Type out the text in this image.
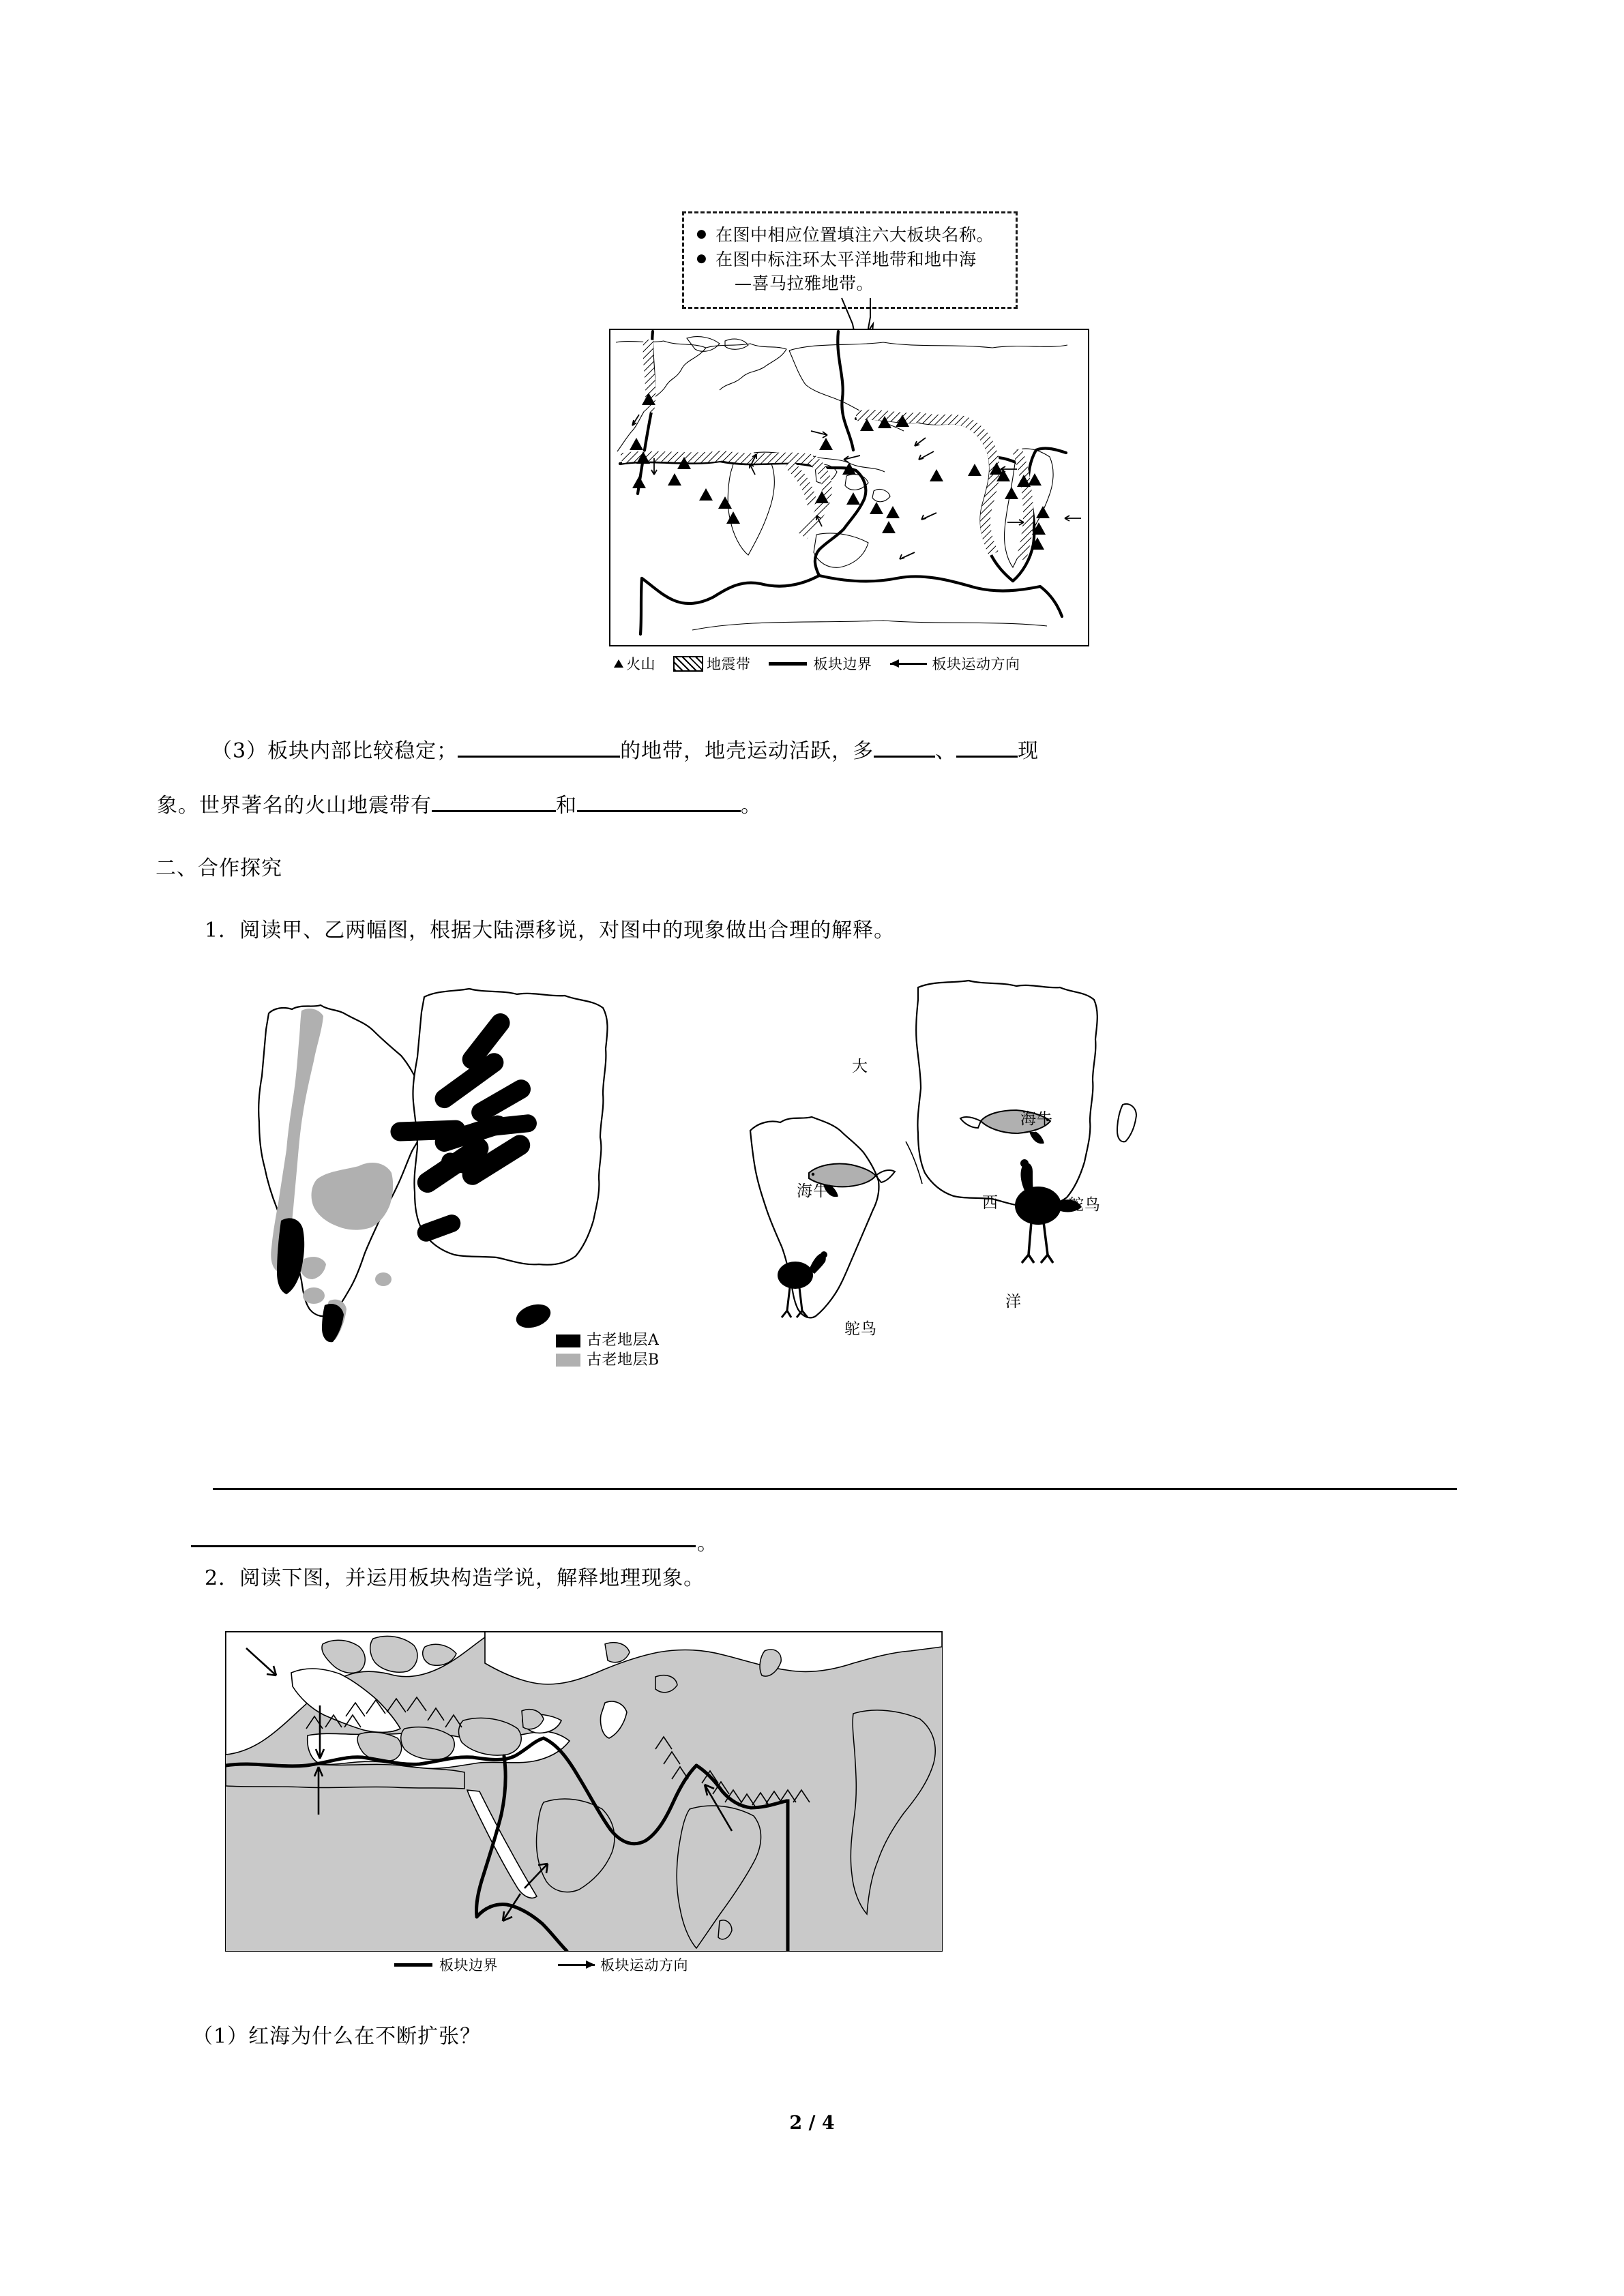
● 在图中相应位置填注六大板块名称。
● 在图中标注环太平洋地带和地中海
—喜马拉雅地带。
火山	地震带	板块边界	板块运动方向
（3）板块内部比较稳定；	的地带，地壳运动活跃，多	、	现
象。世界著名的火山地震带有	和	。
二、合作探究
1．阅读甲、乙两幅图，根据大陆漂移说，对图中的现象做出合理的解释。
古老地层A
古老地层B
大
西
洋
海牛
海牛
鸵鸟
鸵鸟
。
2．阅读下图，并运用板块构造学说，解释地理现象。
板块边界	板块运动方向
（1）红海为什么在不断扩张？
2 / 4
